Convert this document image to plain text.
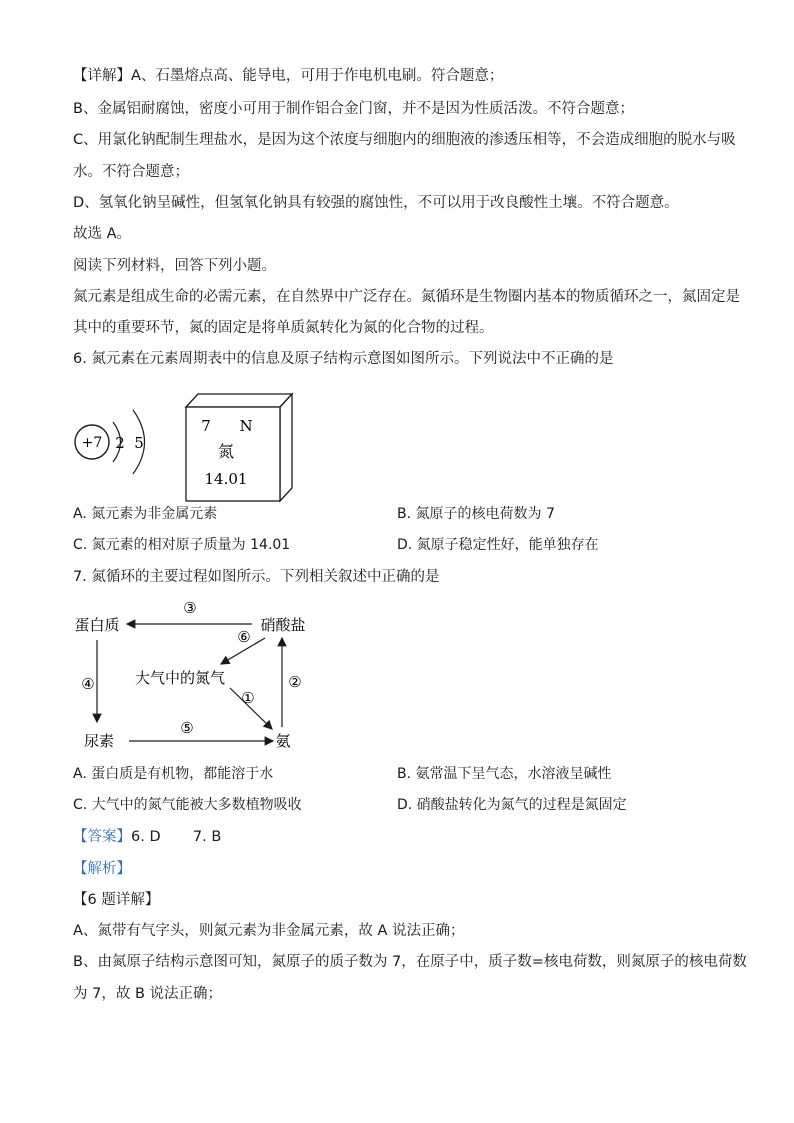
【详解】A、石墨熔点高、能导电，可用于作电机电刷。符合题意；
B、金属铝耐腐蚀，密度小可用于制作铝合金门窗，并不是因为性质活泼。不符合题意；
C、用氯化钠配制生理盐水，是因为这个浓度与细胞内的细胞液的渗透压相等，不会造成细胞的脱水与吸
水。不符合题意；
D、氢氧化钠呈碱性，但氢氧化钠具有较强的腐蚀性，不可以用于改良酸性土壤。不符合题意。
故选 A。
阅读下列材料，回答下列小题。
氮元素是组成生命的必需元素，在自然界中广泛存在。氮循环是生物圈内基本的物质循环之一，氮固定是
其中的重要环节，氮的固定是将单质氮转化为氮的化合物的过程。
6. 氮元素在元素周期表中的信息及原子结构示意图如图所示。下列说法中不正确的是
+7 2 5
7 N
氮
14.01
A. 氮元素为非金属元素	B. 氮原子的核电荷数为 7
C. 氮元素的相对原子质量为 14.01	D. 氮原子稳定性好，能单独存在
7. 氮循环的主要过程如图所示。下列相关叙述中正确的是
蛋白质	硝酸盐
大气中的氮气
尿素	氨
③
④
⑤
②
⑥
①
A. 蛋白质是有机物，都能溶于水	B. 氨常温下呈气态，水溶液呈碱性
C. 大气中的氮气能被大多数植物吸收	D. 硝酸盐转化为氮气的过程是氮固定
【答案】6. D       7. B
【解析】
【6 题详解】
A、氮带有气字头，则氮元素为非金属元素，故 A 说法正确；
B、由氮原子结构示意图可知，氮原子的质子数为 7，在原子中，质子数=核电荷数，则氮原子的核电荷数
为 7，故 B 说法正确；
